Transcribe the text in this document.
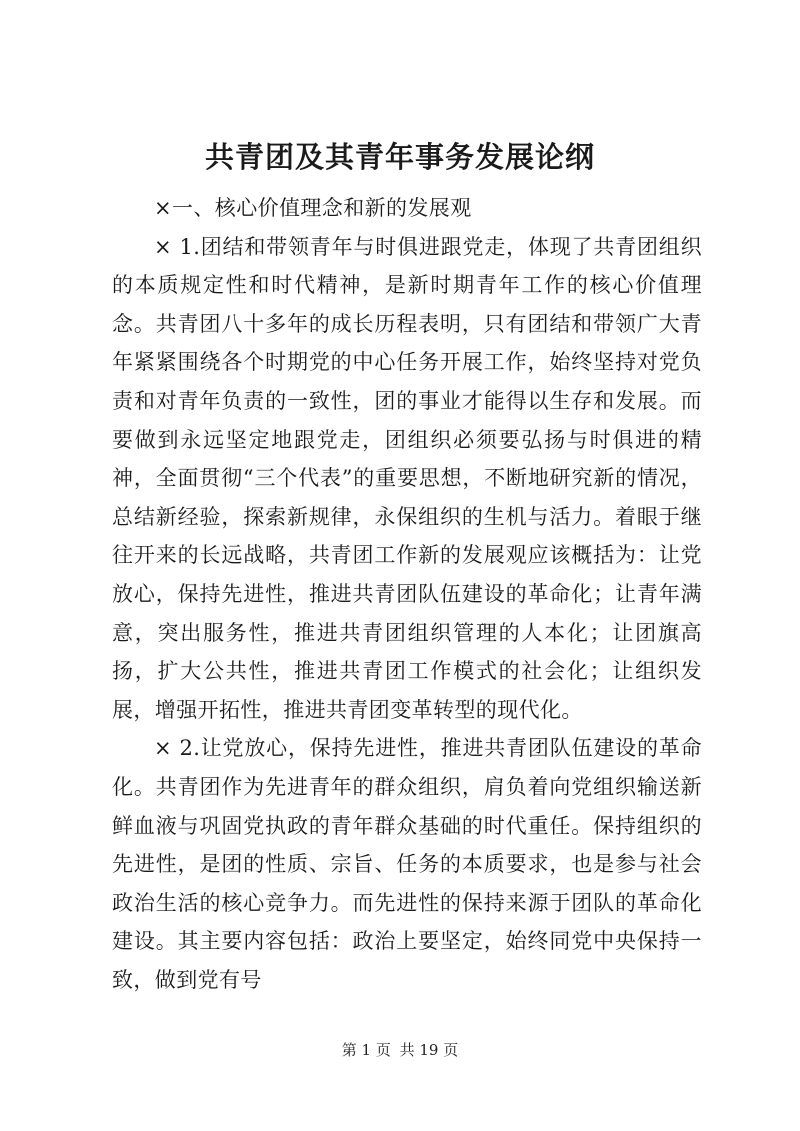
共青团及其青年事务发展论纲

×一、核心价值理念和新的发展观

× 1.团结和带领青年与时俱进跟党走，体现了共青团组织的本质规定性和时代精神，是新时期青年工作的核心价值理念。共青团八十多年的成长历程表明，只有团结和带领广大青年紧紧围绕各个时期党的中心任务开展工作，始终坚持对党负责和对青年负责的一致性，团的事业才能得以生存和发展。而要做到永远坚定地跟党走，团组织必须要弘扬与时俱进的精神，全面贯彻“三个代表”的重要思想，不断地研究新的情况，总结新经验，探索新规律，永保组织的生机与活力。着眼于继往开来的长远战略，共青团工作新的发展观应该概括为：让党放心，保持先进性，推进共青团队伍建设的革命化；让青年满意，突出服务性，推进共青团组织管理的人本化；让团旗高扬，扩大公共性，推进共青团工作模式的社会化；让组织发展，增强开拓性，推进共青团变革转型的现代化。

× 2.让党放心，保持先进性，推进共青团队伍建设的革命化。共青团作为先进青年的群众组织，肩负着向党组织输送新鲜血液与巩固党执政的青年群众基础的时代重任。保持组织的先进性，是团的性质、宗旨、任务的本质要求，也是参与社会政治生活的核心竞争力。而先进性的保持来源于团队的革命化建设。其主要内容包括：政治上要坚定，始终同党中央保持一致，做到党有号

第 1 页 共 19 页
